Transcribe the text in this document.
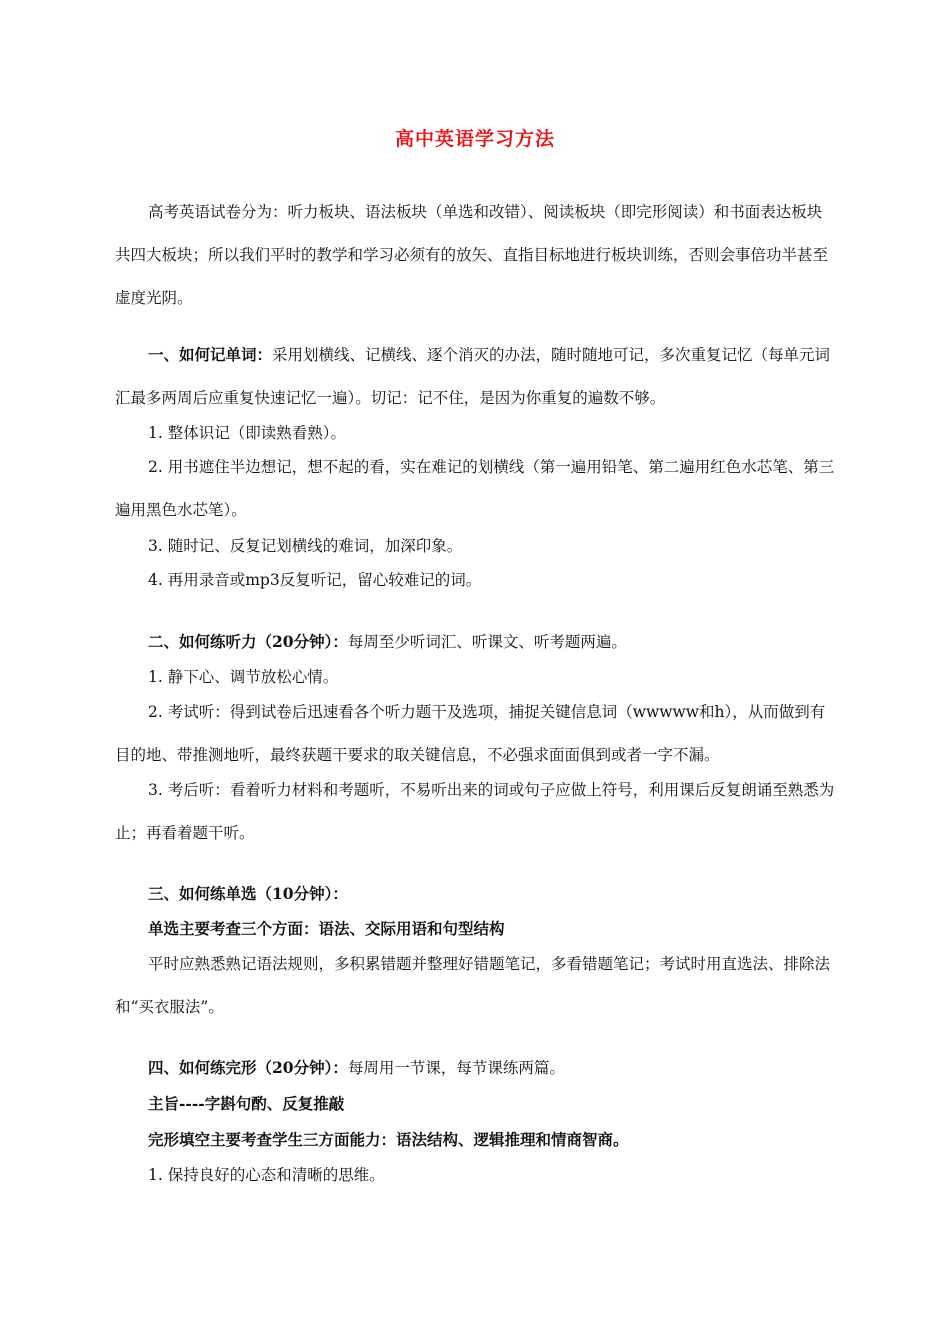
高中英语学习方法
高考英语试卷分为：听力板块、语法板块（单选和改错）、阅读板块（即完形阅读）和书面表达板块共四大板块；所以我们平时的教学和学习必须有的放矢、直指目标地进行板块训练，否则会事倍功半甚至虚度光阴。
一、如何记单词：采用划横线、记横线、逐个消灭的办法，随时随地可记，多次重复记忆（每单元词汇最多两周后应重复快速记忆一遍）。切记：记不住，是因为你重复的遍数不够。
1. 整体识记（即读熟看熟）。
2. 用书遮住半边想记，想不起的看，实在难记的划横线（第一遍用铅笔、第二遍用红色水芯笔、第三遍用黑色水芯笔）。
3. 随时记、反复记划横线的难词，加深印象。
4. 再用录音或mp3反复听记，留心较难记的词。
二、如何练听力（20分钟）：每周至少听词汇、听课文、听考题两遍。
1. 静下心、调节放松心情。
2. 考试听：得到试卷后迅速看各个听力题干及选项，捕捉关键信息词（wwwww和h），从而做到有目的地、带推测地听，最终获题干要求的取关键信息，不必强求面面俱到或者一字不漏。
3. 考后听：看着听力材料和考题听，不易听出来的词或句子应做上符号，利用课后反复朗诵至熟悉为止；再看着题干听。
三、如何练单选（10分钟）：
单选主要考查三个方面：语法、交际用语和句型结构
平时应熟悉熟记语法规则，多积累错题并整理好错题笔记，多看错题笔记；考试时用直选法、排除法和“买衣服法”。
四、如何练完形（20分钟）：每周用一节课，每节课练两篇。
主旨----字斟句酌、反复推敲
完形填空主要考查学生三方面能力：语法结构、逻辑推理和情商智商。
1. 保持良好的心态和清晰的思维。
